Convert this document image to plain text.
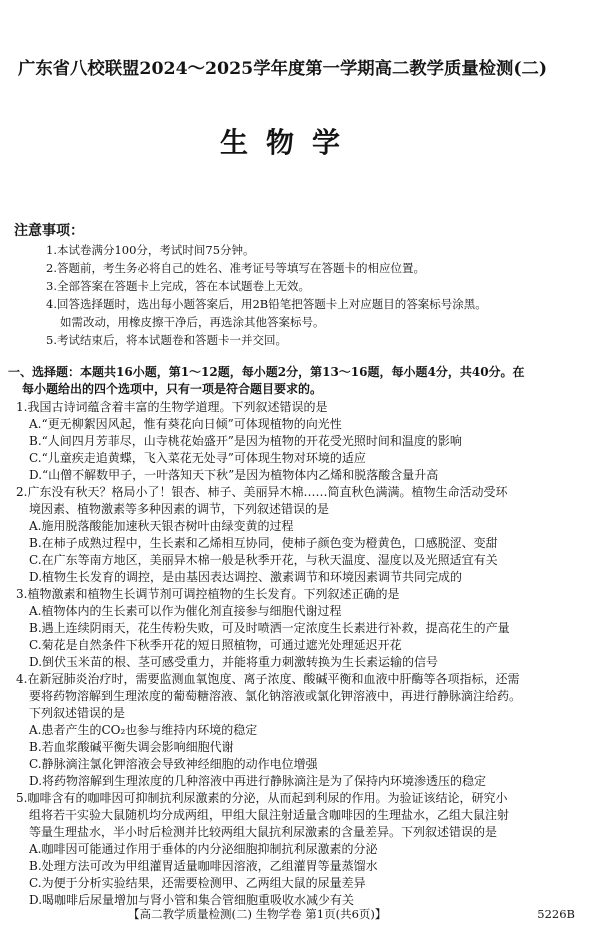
广东省八校联盟2024～2025学年度第一学期高二教学质量检测(二)
生物学
注意事项：
1.本试卷满分100分，考试时间75分钟。
2.答题前，考生务必将自己的姓名、准考证号等填写在答题卡的相应位置。
3.全部答案在答题卡上完成，答在本试题卷上无效。
4.回答选择题时，选出每小题答案后，用2B铅笔把答题卡上对应题目的答案标号涂黑。
如需改动，用橡皮擦干净后，再选涂其他答案标号。
5.考试结束后，将本试题卷和答题卡一并交回。
一、选择题：本题共16小题，第1～12题，每小题2分，第13～16题，每小题4分，共40分。在
每小题给出的四个选项中，只有一项是符合题目要求的。
1.我国古诗词蕴含着丰富的生物学道理。下列叙述错误的是
A.“更无柳絮因风起，惟有葵花向日倾”可体现植物的向光性
B.“人间四月芳菲尽，山寺桃花始盛开”是因为植物的开花受光照时间和温度的影响
C.“儿童疾走追黄蝶，飞入菜花无处寻”可体现生物对环境的适应
D.“山僧不解数甲子，一叶落知天下秋”是因为植物体内乙烯和脱落酸含量升高
2.广东没有秋天？格局小了！银杏、柿子、美丽异木棉……简直秋色满满。植物生命活动受环
境因素、植物激素等多种因素的调节，下列叙述错误的是
A.施用脱落酸能加速秋天银杏树叶由绿变黄的过程
B.在柿子成熟过程中，生长素和乙烯相互协同，使柿子颜色变为橙黄色，口感脱涩、变甜
C.在广东等南方地区，美丽异木棉一般是秋季开花，与秋天温度、湿度以及光照适宜有关
D.植物生长发育的调控，是由基因表达调控、激素调节和环境因素调节共同完成的
3.植物激素和植物生长调节剂可调控植物的生长发育。下列叙述正确的是
A.植物体内的生长素可以作为催化剂直接参与细胞代谢过程
B.遇上连续阴雨天，花生传粉失败，可及时喷洒一定浓度生长素进行补救，提高花生的产量
C.菊花是自然条件下秋季开花的短日照植物，可通过遮光处理延迟开花
D.倒伏玉米苗的根、茎可感受重力，并能将重力刺激转换为生长素运输的信号
4.在新冠肺炎治疗时，需要监测血氧饱度、离子浓度、酸碱平衡和血液中肝酶等各项指标，还需
要将药物溶解到生理浓度的葡萄糖溶液、氯化钠溶液或氯化钾溶液中，再进行静脉滴注给药。
下列叙述错误的是
A.患者产生的CO₂也参与维持内环境的稳定
B.若血浆酸碱平衡失调会影响细胞代谢
C.静脉滴注氯化钾溶液会导致神经细胞的动作电位增强
D.将药物溶解到生理浓度的几种溶液中再进行静脉滴注是为了保持内环境渗透压的稳定
5.咖啡含有的咖啡因可抑制抗利尿激素的分泌，从而起到利尿的作用。为验证该结论，研究小
组将若干实验大鼠随机均分成两组，甲组大鼠注射适量含咖啡因的生理盐水，乙组大鼠注射
等量生理盐水，半小时后检测并比较两组大鼠抗利尿激素的含量差异。下列叙述错误的是
A.咖啡因可能通过作用于垂体的内分泌细胞抑制抗利尿激素的分泌
B.处理方法可改为甲组灌胃适量咖啡因溶液，乙组灌胃等量蒸馏水
C.为便于分析实验结果，还需要检测甲、乙两组大鼠的尿量差异
D.喝咖啡后尿量增加与肾小管和集合管细胞重吸收水减少有关
【高二教学质量检测(二) 生物学卷 第1页(共6页)】	5226B
